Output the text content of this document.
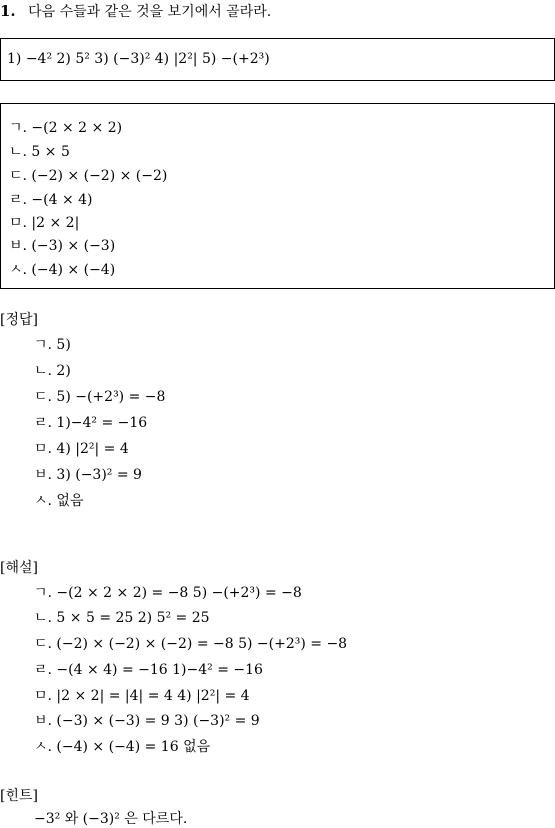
1. 다음 수들과 같은 것을 보기에서 골라라.
1) −4² 2) 5² 3) (−3)² 4) |2²| 5) −(+2³)
ㄱ. −(2 × 2 × 2)
ㄴ. 5 × 5
ㄷ. (−2) × (−2) × (−2)
ㄹ. −(4 × 4)
ㅁ. |2 × 2|
ㅂ. (−3) × (−3)
ㅅ. (−4) × (−4)
[정답]
ㄱ. 5)
ㄴ. 2)
ㄷ. 5) −(+2³) = −8
ㄹ. 1)−4² = −16
ㅁ. 4) |2²| = 4
ㅂ. 3) (−3)² = 9
ㅅ. 없음
[해설]
ㄱ. −(2 × 2 × 2) = −8 5) −(+2³) = −8
ㄴ. 5 × 5 = 25 2) 5² = 25
ㄷ. (−2) × (−2) × (−2) = −8 5) −(+2³) = −8
ㄹ. −(4 × 4) = −16 1)−4² = −16
ㅁ. |2 × 2| = |4| = 4 4) |2²| = 4
ㅂ. (−3) × (−3) = 9 3) (−3)² = 9
ㅅ. (−4) × (−4) = 16 없음
[힌트]
−3² 와 (−3)² 은 다르다.
